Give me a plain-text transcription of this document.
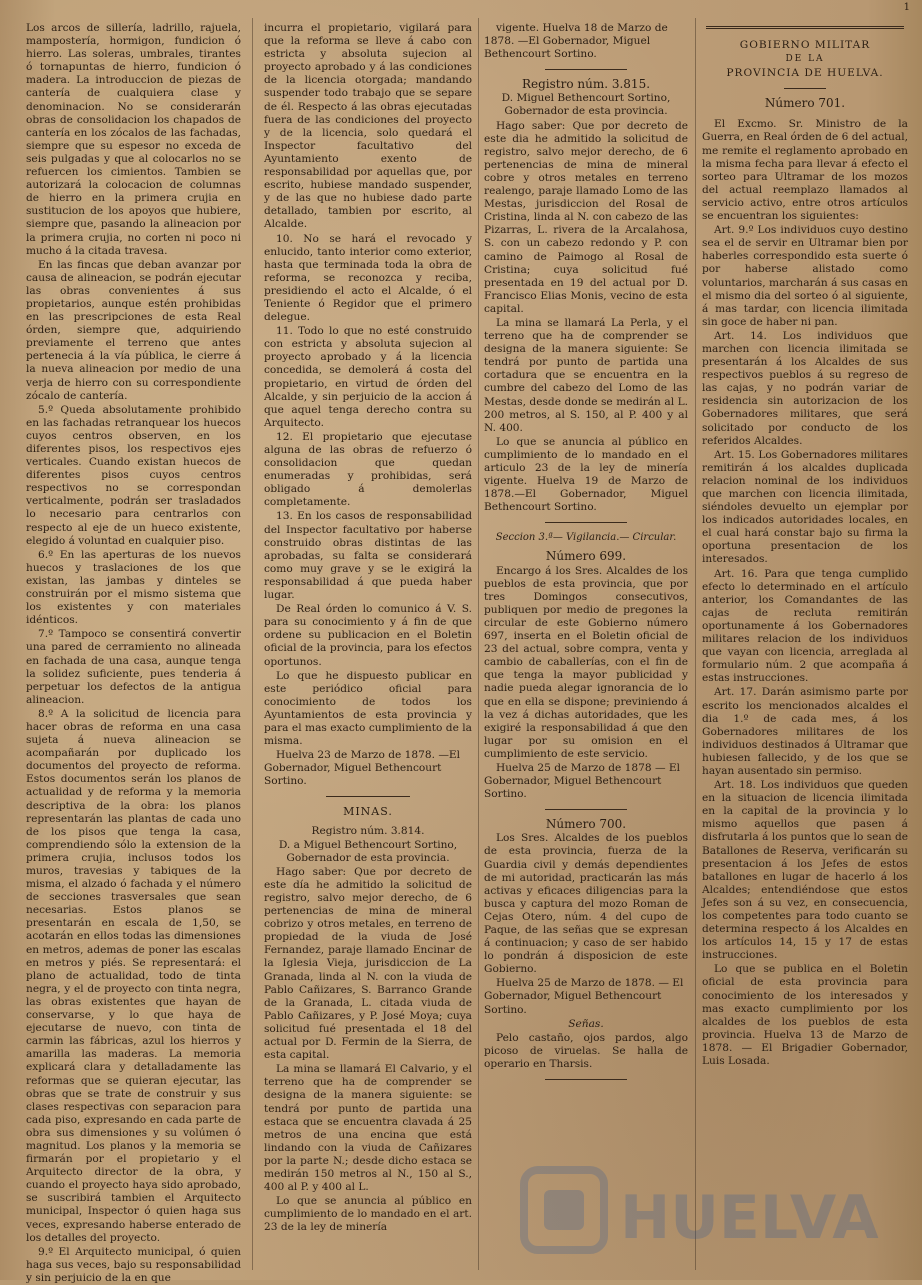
1

Los arcos de sillería, ladrillo, rajuela, mampostería, hormigon, fundicion ó hierro. Las soleras, umbrales, tirantes ó tornapuntas de hierro, fundicion ó madera. La introduccion de piezas de cantería de cualquiera clase y denominacion. No se considerarán obras de consolidacion los chapados de cantería en los zócalos de las fachadas, siempre que su espesor no exceda de seis pulgadas y que al colocarlos no se refuercen los cimientos. Tambien se autorizará la colocacion de columnas de hierro en la primera crujia en sustitucion de los apoyos que hubiere, siempre que, pasando la alineacion por la primera crujia, no corten ni poco ni mucho á la citada travesa.

En las fincas que deban avanzar por causa de alineacion, se podrán ejecutar las obras convenientes á sus propietarios, aunque estén prohibidas en las prescripciones de esta Real órden, siempre que, adquiriendo previamente el terreno que antes pertenecia á la vía pública, le cierre á la nueva alineacion por medio de una verja de hierro con su correspondiente zócalo de cantería.

5.º Queda absolutamente prohibido en las fachadas retranquear los huecos cuyos centros observen, en los diferentes pisos, los respectivos ejes verticales. Cuando existan huecos de diferentes pisos cuyos centros respectivos no se correspondan verticalmente, podrán ser trasladados lo necesario para centrarlos con respecto al eje de un hueco existente, elegido á voluntad en cualquier piso.

6.º En las aperturas de los nuevos huecos y traslaciones de los que existan, las jambas y dinteles se construirán por el mismo sistema que los existentes y con materiales idénticos.

7.º Tampoco se consentirá convertir una pared de cerramiento no alineada en fachada de una casa, aunque tenga la solidez suficiente, pues tenderia á perpetuar los defectos de la antigua alineacion.

8.º A la solicitud de licencia para hacer obras de reforma en una casa sujeta á nueva alineacion se acompañarán por duplicado los documentos del proyecto de reforma. Estos documentos serán los planos de actualidad y de reforma y la memoria descriptiva de la obra: los planos representarán las plantas de cada uno de los pisos que tenga la casa, comprendiendo sólo la extension de la primera crujia, inclusos todos los muros, travesias y tabiques de la misma, el alzado ó fachada y el número de secciones trasversales que sean necesarias. Estos planos se presentarán en escala de 1,50, se acotarán en ellos todas las dimensiones en metros, ademas de poner las escalas en metros y piés. Se representará: el plano de actualidad, todo de tinta negra, y el de proyecto con tinta negra, las obras existentes que hayan de conservarse, y lo que haya de ejecutarse de nuevo, con tinta de carmin las fábricas, azul los hierros y amarilla las maderas. La memoria explicará clara y detalladamente las reformas que se quieran ejecutar, las obras que se trate de construir y sus clases respectivas con separacion para cada piso, expresando en cada parte de obra sus dimensiones y su volúmen ó magnitud. Los planos y la memoria se firmarán por el propietario y el Arquitecto director de la obra, y cuando el proyecto haya sido aprobado, se suscribirá tambien el Arquitecto municipal, Inspector ó quien haga sus veces, expresando haberse enterado de los detalles del proyecto.

9.º El Arquitecto municipal, ó quien haga sus veces, bajo su responsabilidad y sin perjuicio de la en que

incurra el propietario, vigilará para que la reforma se lleve á cabo con estricta y absoluta sujecion al proyecto aprobado y á las condiciones de la licencia otorgada; mandando suspender todo trabajo que se separe de él. Respecto á las obras ejecutadas fuera de las condiciones del proyecto y de la licencia, solo quedará el Inspector facultativo del Ayuntamiento exento de responsabilidad por aquellas que, por escrito, hubiese mandado suspender, y de las que no hubiese dado parte detallado, tambien por escrito, al Alcalde.

10. No se hará el revocado y enlucido, tanto interior como exterior, hasta que terminada toda la obra de reforma, se reconozca y reciba, presidiendo el acto el Alcalde, ó el Teniente ó Regidor que el primero delegue.

11. Todo lo que no esté construido con estricta y absoluta sujecion al proyecto aprobado y á la licencia concedida, se demolerá á costa del propietario, en virtud de órden del Alcalde, y sin perjuicio de la accion á que aquel tenga derecho contra su Arquitecto.

12. El propietario que ejecutase alguna de las obras de refuerzo ó consolidacion que quedan enumeradas y prohibidas, será obligado á demolerlas completamente.

13. En los casos de responsabilidad del Inspector facultativo por haberse construido obras distintas de las aprobadas, su falta se considerará como muy grave y se le exigirá la responsabilidad á que pueda haber lugar.

De Real órden lo comunico á V. S. para su conocimiento y á fin de que ordene su publicacion en el Boletin oficial de la provincia, para los efectos oportunos.

Lo que he dispuesto publicar en este periódico oficial para conocimiento de todos los Ayuntamientos de esta provincia y para el mas exacto cumplimiento de la misma.

Huelva 23 de Marzo de 1878. —El Gobernador, Miguel Bethencourt Sortino.

MINAS.

Registro núm. 3.814.

D. a Miguel Bethencourt Sortino, Gobernador de esta provincia.

Hago saber: Que por decreto de este día he admitido la solicitud de registro, salvo mejor derecho, de 6 pertenencias de mina de mineral cobrizo y otros metales, en terreno de propiedad de la viuda de José Fernandez, paraje llamado Encinar de la Iglesia Vieja, jurisdiccion de La Granada, linda al N. con la viuda de Pablo Cañizares, S. Barranco Grande de la Granada, L. citada viuda de Pablo Cañizares, y P. José Moya; cuya solicitud fué presentada el 18 del actual por D. Fermin de la Sierra, de esta capital.

La mina se llamará El Calvario, y el terreno que ha de comprender se designa de la manera siguiente: se tendrá por punto de partida una estaca que se encuentra clavada á 25 metros de una encina que está lindando con la viuda de Cañizares por la parte N.; desde dicho estaca se medirán 150 metros al N., 150 al S., 400 al P. y 400 al L.

Lo que se anuncia al público en cumplimiento de lo mandado en el art. 23 de la ley de minería

vigente. Huelva 18 de Marzo de 1878. —El Gobernador, Miguel Bethencourt Sortino.

Registro núm. 3.815.

D. Miguel Bethencourt Sortino, Gobernador de esta provincia.

Hago saber: Que por decreto de este dia he admitido la solicitud de registro, salvo mejor derecho, de 6 pertenencias de mina de mineral cobre y otros metales en terreno realengo, paraje llamado Lomo de las Mestas, jurisdiccion del Rosal de Cristina, linda al N. con cabezo de las Pizarras, L. rivera de la Arcalahosa, S. con un cabezo redondo y P. con camino de Paimogo al Rosal de Cristina; cuya solicitud fué presentada en 19 del actual por D. Francisco Elias Monis, vecino de esta capital.

La mina se llamará La Perla, y el terreno que ha de comprender se designa de la manera siguiente: Se tendrá por punto de partida una cortadura que se encuentra en la cumbre del cabezo del Lomo de las Mestas, desde donde se medirán al L. 200 metros, al S. 150, al P. 400 y al N. 400.

Lo que se anuncia al público en cumplimiento de lo mandado en el articulo 23 de la ley de minería vigente. Huelva 19 de Marzo de 1878.—El Gobernador, Miguel Bethencourt Sortino.

Seccion 3.ª— Vigilancia.— Circular.

Número 699.

Encargo á los Sres. Alcaldes de los pueblos de esta provincia, que por tres Domingos consecutivos, publiquen por medio de pregones la circular de este Gobierno número 697, inserta en el Boletin oficial de 23 del actual, sobre compra, venta y cambio de caballerías, con el fin de que tenga la mayor publicidad y nadie pueda alegar ignorancia de lo que en ella se dispone; previniendo á la vez á dichas autoridades, que les exigiré la responsabilidad á que den lugar por su omision en el cumplimiento de este servicio.

Huelva 25 de Marzo de 1878 — El Gobernador, Miguel Bethencourt Sortino.

Número 700.

Los Sres. Alcaldes de los pueblos de esta provincia, fuerza de la Guardia civil y demás dependientes de mi autoridad, practicarán las más activas y eficaces diligencias para la busca y captura del mozo Roman de Cejas Otero, núm. 4 del cupo de Paque, de las señas que se expresan á continuacion; y caso de ser habido lo pondrán á disposicion de este Gobierno.

Huelva 25 de Marzo de 1878. — El Gobernador, Miguel Bethencourt Sortino.

Señas.

Pelo castaño, ojos pardos, algo picoso de viruelas. Se halla de operario en Tharsis.

GOBIERNO MILITAR

DE LA

PROVINCIA DE HUELVA.

Número 701.

El Excmo. Sr. Ministro de la Guerra, en Real órden de 6 del actual, me remite el reglamento aprobado en la misma fecha para llevar á efecto el sorteo para Ultramar de los mozos del actual reemplazo llamados al servicio activo, entre otros artículos se encuentran los siguientes:

Art. 9.º Los individuos cuyo destino sea el de servir en Ultramar bien por haberles correspondido esta suerte ó por haberse alistado como voluntarios, marcharán á sus casas en el mismo dia del sorteo ó al siguiente, á mas tardar, con licencia ilimitada sin goce de haber ni pan.

Art. 14. Los individuos que marchen con licencia ilimitada se presentarán á los Alcaldes de sus respectivos pueblos á su regreso de las cajas, y no podrán variar de residencia sin autorizacion de los Gobernadores militares, que será solicitado por conducto de los referidos Alcaldes.

Art. 15. Los Gobernadores militares remitirán á los alcaldes duplicada relacion nominal de los individuos que marchen con licencia ilimitada, siéndoles devuelto un ejemplar por los indicados autoridades locales, en el cual hará constar bajo su firma la oportuna presentacion de los interesados.

Art. 16. Para que tenga cumplido efecto lo determinado en el artículo anterior, los Comandantes de las cajas de recluta remitirán oportunamente á los Gobernadores militares relacion de los individuos que vayan con licencia, arreglada al formulario núm. 2 que acompaña á estas instrucciones.

Art. 17. Darán asimismo parte por escrito los mencionados alcaldes el dia 1.º de cada mes, á los Gobernadores militares de los individuos destinados á Ultramar que hubiesen fallecido, y de los que se hayan ausentado sin permiso.

Art. 18. Los individuos que queden en la situacion de licencia ilimitada en la capital de la provincia y lo mismo aquellos que pasen á disfrutarla á los puntos que lo sean de Batallones de Reserva, verificarán su presentacion á los Jefes de estos batallones en lugar de hacerlo á los Alcaldes; entendiéndose que estos Jefes son á su vez, en consecuencia, los competentes para todo cuanto se determina respecto á los Alcaldes en los artículos 14, 15 y 17 de estas instrucciones.

Lo que se publica en el Boletin oficial de esta provincia para conocimiento de los interesados y mas exacto cumplimiento por los alcaldes de los pueblos de esta provincia. Huelva 13 de Marzo de 1878. — El Brigadier Gobernador, Luis Losada.

HUELVA
